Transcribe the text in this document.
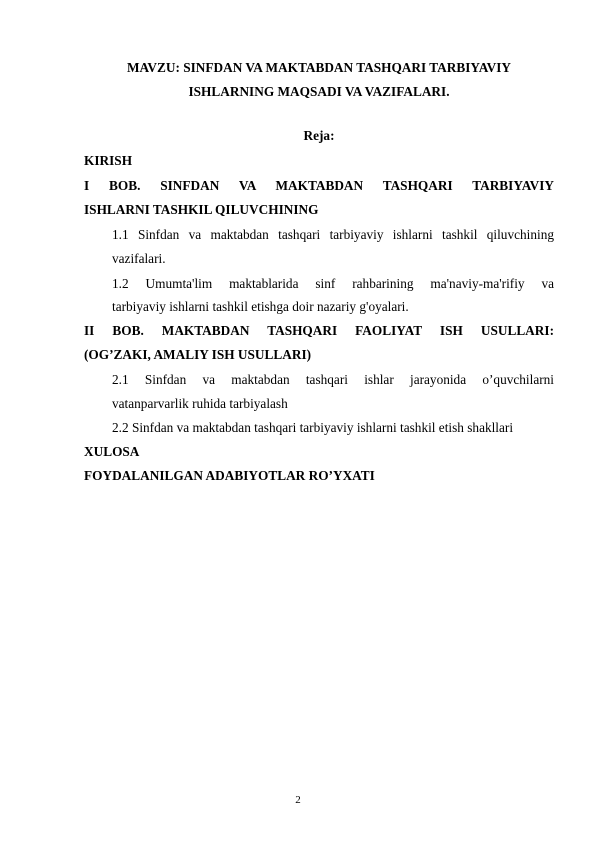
MAVZU: SINFDAN VA MAKTABDAN TASHQARI TARBIYAVIY
ISHLARNING MAQSADI VA VAZIFALARI.
Reja:
KIRISH
I BOB. SINFDAN VA MAKTABDAN TASHQARI TARBIYAVIY
ISHLARNI TASHKIL QILUVCHINING
1.1 Sinfdan va maktabdan tashqari tarbiyaviy ishlarni tashkil qiluvchining
vazifalari.
1.2 Umumta'lim maktablarida sinf rahbarining ma'naviy-ma'rifiy va
tarbiyaviy ishlarni tashkil etishga doir nazariy g'oyalari.
II BOB. MAKTABDAN TASHQARI FAOLIYAT ISH USULLARI:
(OG’ZAKI, AMALIY ISH USULLARI)
2.1 Sinfdan va maktabdan tashqari ishlar jarayonida o’quvchilarni
vatanparvarlik ruhida tarbiyalash
2.2 Sinfdan va maktabdan tashqari tarbiyaviy ishlarni tashkil etish shakllari
XULOSA
FOYDALANILGAN ADABIYOTLAR RO’YXATI
2
